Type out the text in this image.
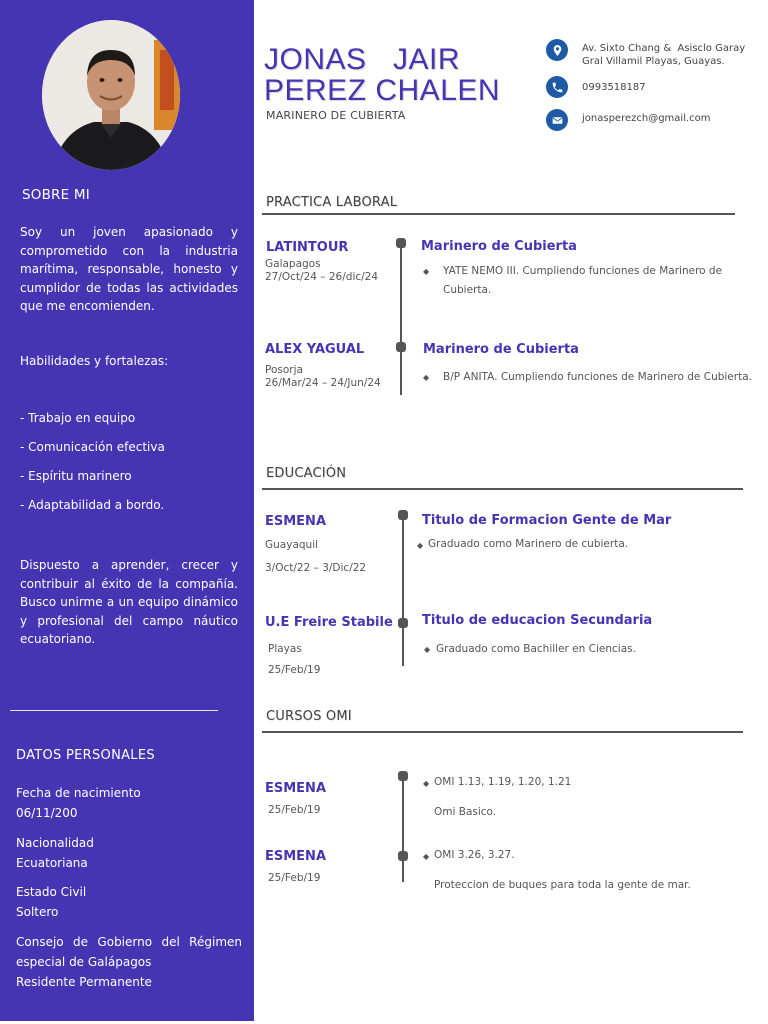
SOBRE MI
Soy un joven apasionado y comprometido con la industria marítima, responsable, honesto y cumplidor de todas las actividades que me encomienden.
Habilidades y fortalezas:
- Trabajo en equipo
- Comunicación efectiva
- Espíritu marinero
- Adaptabilidad a bordo.
Dispuesto a aprender, crecer y contribuir al éxito de la compañía. Busco unirme a un equipo dinámico y profesional del campo náutico ecuatoriano.
DATOS PERSONALES
Fecha de nacimiento
06/11/200
Nacionalidad
Ecuatoriana
Estado Civil
Soltero
Consejo de Gobierno del Régimen especial de Galápagos
Residente Permanente
JONAS   JAIR
PEREZ CHALEN
MARINERO DE CUBIERTA
Av. Sixto Chang &  Asisclo Garay
Gral Villamil Playas, Guayas.
0993518187
jonasperezch@gmail.com
PRACTICA LABORAL
LATINTOUR
Galapagos
27/Oct/24 – 26/dic/24
Marinero de Cubierta
◆ YATE NEMO III. Cumpliendo funciones de Marinero de
Cubierta.
ALEX YAGUAL
Posorja
26/Mar/24 – 24/Jun/24
Marinero de Cubierta
◆ B/P ANITA. Cumpliendo funciones de Marinero de Cubierta.
EDUCACIÓN
ESMENA
Guayaquil
3/Oct/22 – 3/Dic/22
Titulo de Formacion Gente de Mar
◆ Graduado como Marinero de cubierta.
U.E Freire Stabile
Playas
25/Feb/19
Titulo de educacion Secundaria
◆ Graduado como Bachiller en Ciencias.
CURSOS OMI
ESMENA
25/Feb/19
◆ OMI 1.13, 1.19, 1.20, 1.21
Omi Basico.
ESMENA
25/Feb/19
◆ OMI 3.26, 3.27.
Proteccion de buques para toda la gente de mar.
